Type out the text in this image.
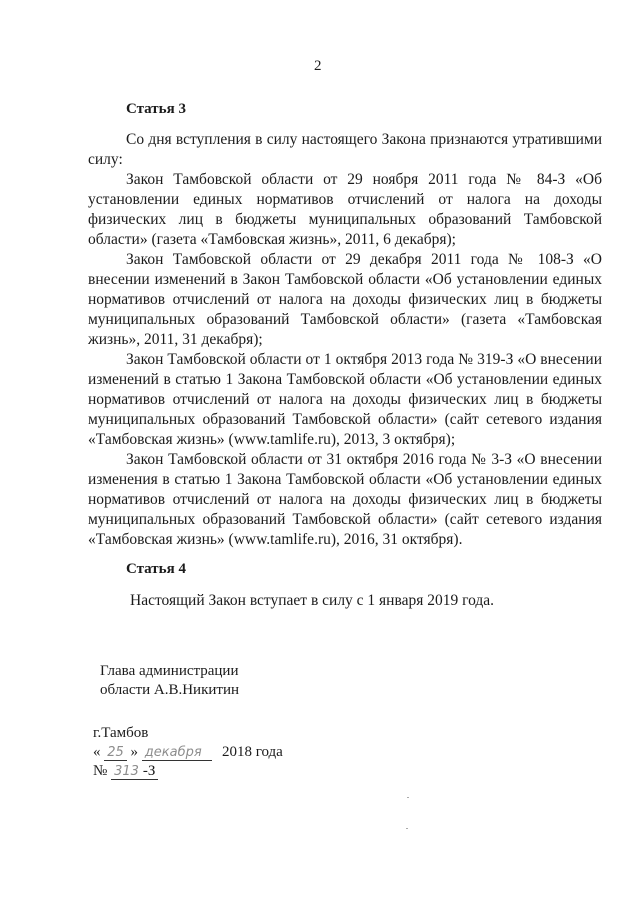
2
Статья 3

Со дня вступления в силу настоящего Закона признаются утратившими силу:

Закон Тамбовской области от 29 ноября 2011 года № 84-З «Об установлении единых нормативов отчислений от налога на доходы физических лиц в бюджеты муниципальных образований Тамбовской области» (газета «Тамбовская жизнь», 2011, 6 декабря);

Закон Тамбовской области от 29 декабря 2011 года № 108-З «О внесении изменений в Закон Тамбовской области «Об установлении единых нормативов отчислений от налога на доходы физических лиц в бюджеты муниципальных образований Тамбовской области» (газета «Тамбовская жизнь», 2011, 31 декабря);

Закон Тамбовской области от 1 октября 2013 года № 319-З «О внесении изменений в статью 1 Закона Тамбовской области «Об установлении единых нормативов отчислений от налога на доходы физических лиц в бюджеты муниципальных образований Тамбовской области» (сайт сетевого издания «Тамбовская жизнь» (www.tamlife.ru), 2013, 3 октября);

Закон Тамбовской области от 31 октября 2016 года № 3-З «О внесении изменения в статью 1 Закона Тамбовской области «Об установлении единых нормативов отчислений от налога на доходы физических лиц в бюджеты муниципальных образований Тамбовской области» (сайт сетевого издания «Тамбовская жизнь» (www.tamlife.ru), 2016, 31 октября).

Статья 4
Настоящий Закон вступает в силу с 1 января 2019 года.
Глава администрации
области А.В.Никитин
г.Тамбов
« 25 » декабря 2018 года
№ 313 -З
